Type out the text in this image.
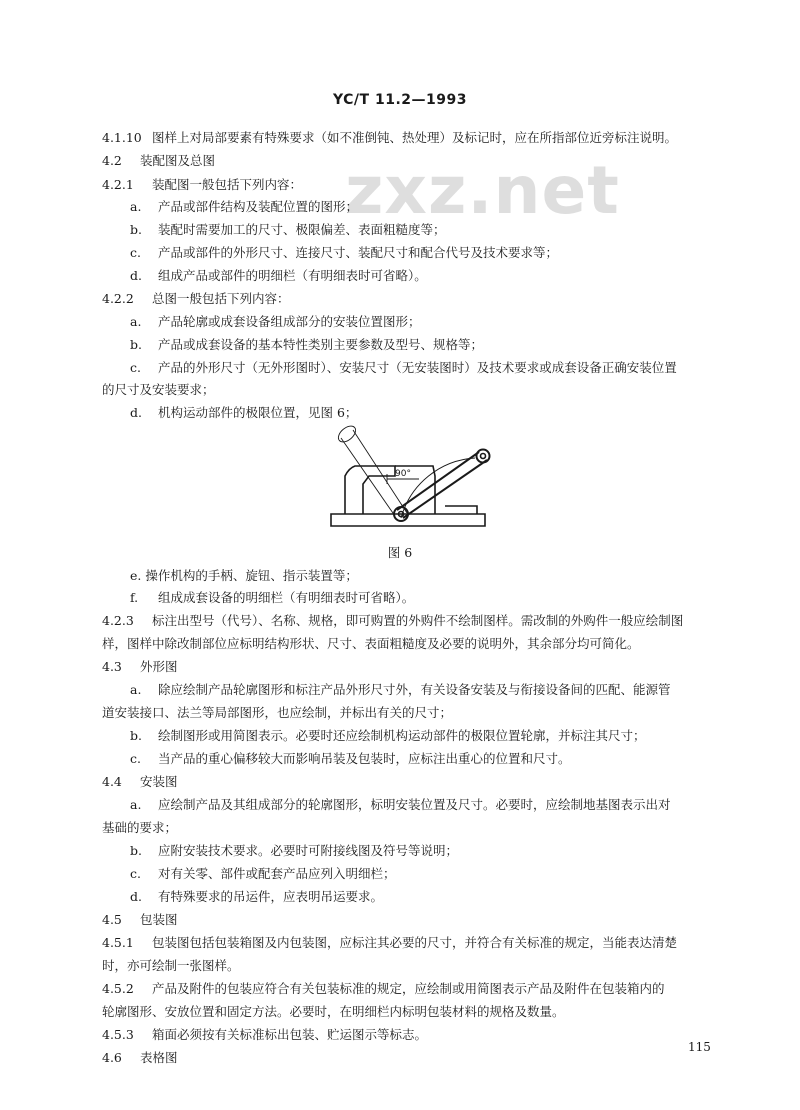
zxz.net
YC/T 11.2—1993
4.1.10 图样上对局部要素有特殊要求（如不准倒钝、热处理）及标记时，应在所指部位近旁标注说明。
4.2 装配图及总图
4.2.1 装配图一般包括下列内容：
a. 产品或部件结构及装配位置的图形；
b. 装配时需要加工的尺寸、极限偏差、表面粗糙度等；
c. 产品或部件的外形尺寸、连接尺寸、装配尺寸和配合代号及技术要求等；
d. 组成产品或部件的明细栏（有明细表时可省略）。
4.2.2 总图一般包括下列内容：
a. 产品轮廓或成套设备组成部分的安装位置图形；
b. 产品或成套设备的基本特性类别主要参数及型号、规格等；
c. 产品的外形尺寸（无外形图时）、安装尺寸（无安装图时）及技术要求或成套设备正确安装位置
的尺寸及安装要求；
d. 机构运动部件的极限位置，见图 6；
90°
图 6
e. 操作机构的手柄、旋钮、指示装置等；
f. 组成成套设备的明细栏（有明细表时可省略）。
4.2.3 标注出型号（代号）、名称、规格，即可购置的外购件不绘制图样。需改制的外购件一般应绘制图
样，图样中除改制部位应标明结构形状、尺寸、表面粗糙度及必要的说明外，其余部分均可简化。
4.3 外形图
a. 除应绘制产品轮廓图形和标注产品外形尺寸外，有关设备安装及与衔接设备间的匹配、能源管
道安装接口、法兰等局部图形，也应绘制，并标出有关的尺寸；
b. 绘制图形或用简图表示。必要时还应绘制机构运动部件的极限位置轮廓，并标注其尺寸；
c. 当产品的重心偏移较大而影响吊装及包装时，应标注出重心的位置和尺寸。
4.4 安装图
a. 应绘制产品及其组成部分的轮廓图形，标明安装位置及尺寸。必要时，应绘制地基图表示出对
基础的要求；
b. 应附安装技术要求。必要时可附接线图及符号等说明；
c. 对有关零、部件或配套产品应列入明细栏；
d. 有特殊要求的吊运件，应表明吊运要求。
4.5 包装图
4.5.1 包装图包括包装箱图及内包装图，应标注其必要的尺寸，并符合有关标准的规定，当能表达清楚
时，亦可绘制一张图样。
4.5.2 产品及附件的包装应符合有关包装标准的规定，应绘制或用简图表示产品及附件在包装箱内的
轮廓图形、安放位置和固定方法。必要时，在明细栏内标明包装材料的规格及数量。
4.5.3 箱面必须按有关标准标出包装、贮运图示等标志。
4.6 表格图
115
